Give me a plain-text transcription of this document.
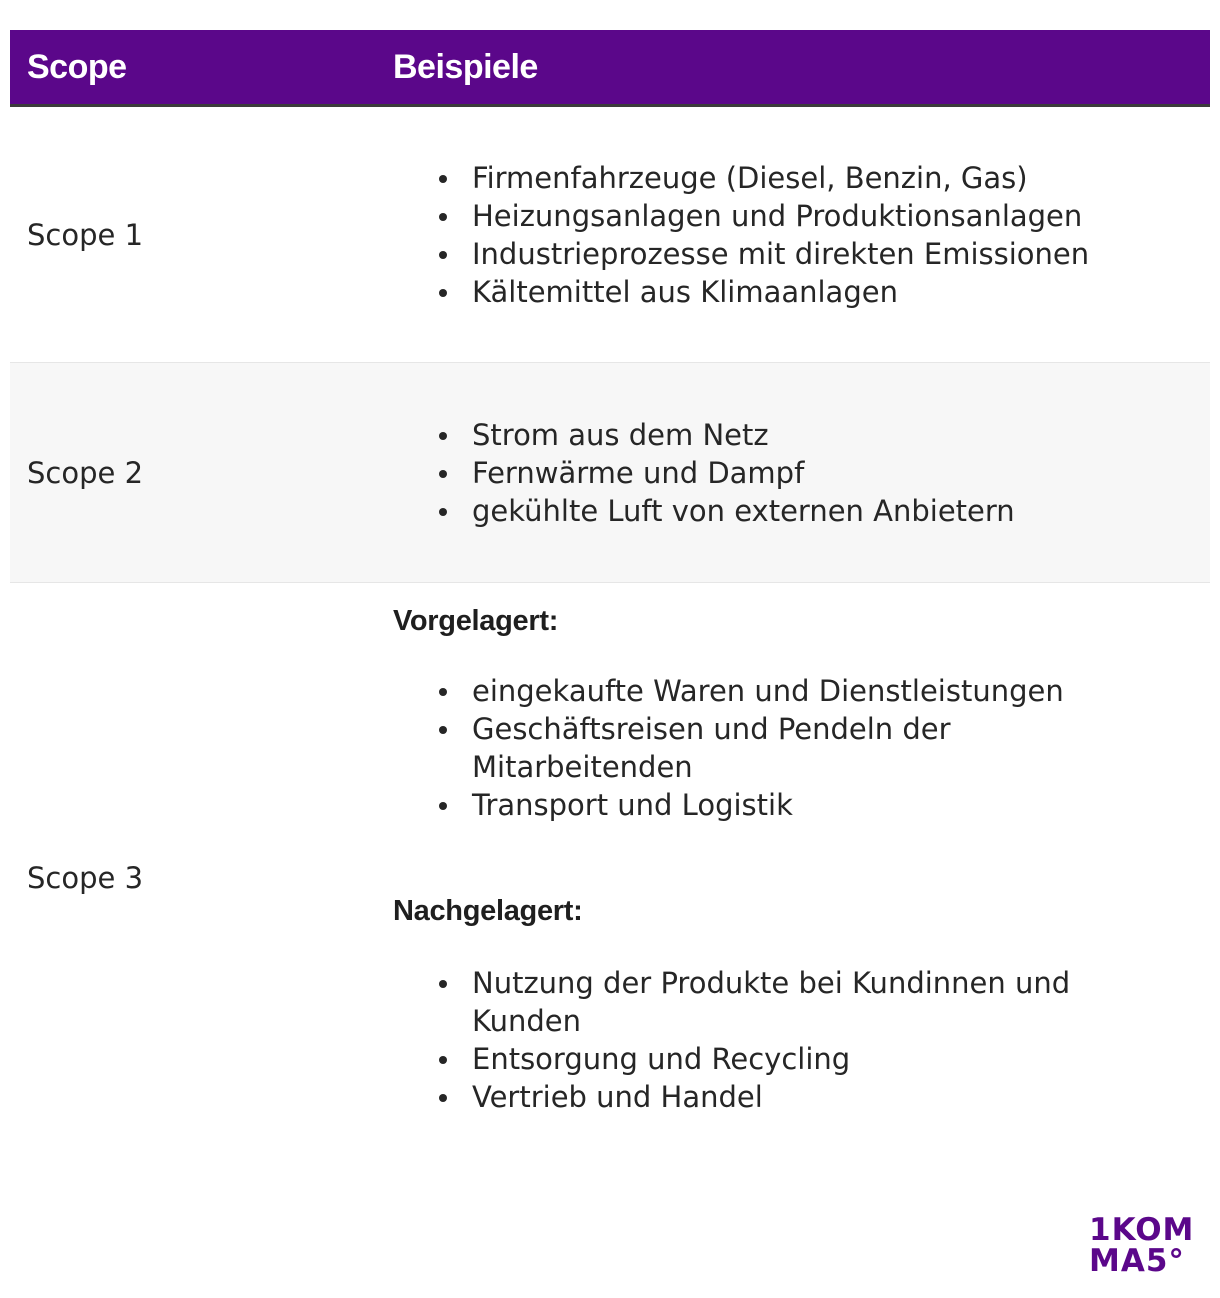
Scope	Beispiele
Scope 1
Firmenfahrzeuge (Diesel, Benzin, Gas)
Heizungsanlagen und Produktionsanlagen
Industrieprozesse mit direkten Emissionen
Kältemittel aus Klimaanlagen
Scope 2
Strom aus dem Netz
Fernwärme und Dampf
gekühlte Luft von externen Anbietern
Scope 3
Vorgelagert:
eingekaufte Waren und Dienstleistungen
Geschäftsreisen und Pendeln der Mitarbeitenden
Transport und Logistik
Nachgelagert:
Nutzung der Produkte bei Kundinnen und Kunden
Entsorgung und Recycling
Vertrieb und Handel
1KOM
MA5°
